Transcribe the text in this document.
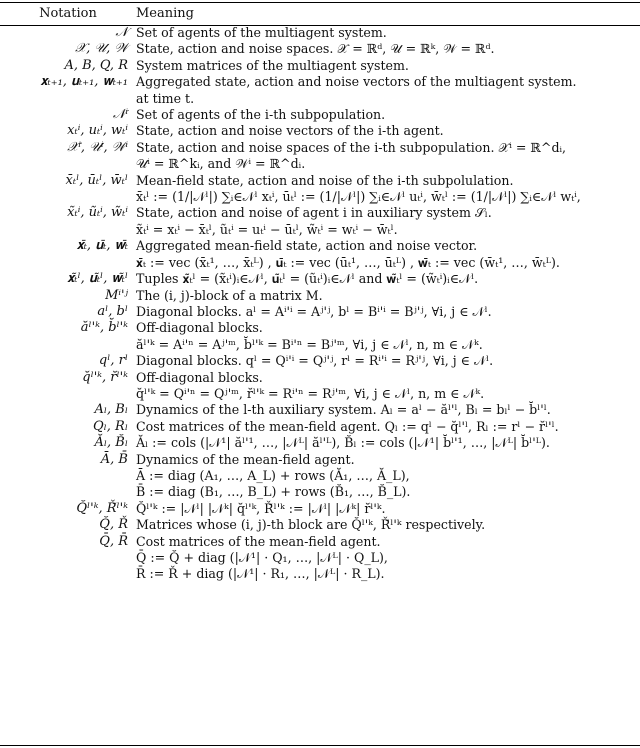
Notation	Meaning
𝒩	Set of agents of the multiagent system.

𝒳, 𝒰, 𝒲	State, action and noise spaces. 𝒳 = ℝᵈ, 𝒰 = ℝᵏ, 𝒲 = ℝᵈ.

A, B, Q, R	System matrices of the multiagent system.

𝐱ₜ₊₁, 𝐮ₜ₊₁, 𝐰ₜ₊₁	Aggregated state, action and noise vectors of the multiagent system.
at time t.

𝒩ⁱ	Set of agents of the i-th subpopulation.

xₜⁱ, uₜⁱ, wₜⁱ	State, action and noise vectors of the i-th agent.

𝒳ⁱ, 𝒰ⁱ, 𝒲ⁱ	State, action and noise spaces of the i-th subpopulation. 𝒳ⁱ = ℝ^dᵢ,
𝒰ⁱ = ℝ^kᵢ, and 𝒲ⁱ = ℝ^dᵢ.

x̄ₜˡ, ūₜˡ, w̄ₜˡ	Mean-field state, action and noise of the i-th subpolulation.
x̄ₜˡ := (1/|𝒩ˡ|) ∑ᵢ∈𝒩ˡ xₜⁱ, ūₜˡ := (1/|𝒩ˡ|) ∑ᵢ∈𝒩ˡ uₜⁱ, w̄ₜˡ := (1/|𝒩ˡ|) ∑ᵢ∈𝒩ˡ wₜⁱ,

x̃ₜⁱ, ũₜⁱ, w̃ₜⁱ	State, action and noise of agent i in auxiliary system 𝒮ₗ.
x̃ₜⁱ = xₜⁱ − x̄ₜˡ, ũₜⁱ = uₜⁱ − ūₜˡ, w̃ₜⁱ = wₜⁱ − w̄ₜˡ.

𝐱̄ₜ, 𝐮̄ₜ, 𝐰̄ₜ	Aggregated mean-field state, action and noise vector.
𝐱̄ₜ := vec (x̄ₜ¹, …, x̄ₜᴸ) , 𝐮̄ₜ := vec (ūₜ¹, …, ūₜᴸ) , 𝐰̄ₜ := vec (w̄ₜ¹, …, w̄ₜᴸ).

𝐱̃ₜˡ, 𝐮̃ₜˡ, 𝐰̃ₜˡ	Tuples 𝐱̃ₜˡ = (x̃ₜⁱ)ᵢ∈𝒩ˡ, 𝐮̃ₜˡ = (ũₜⁱ)ᵢ∈𝒩ˡ and 𝐰̃ₜˡ = (w̃ₜⁱ)ᵢ∈𝒩ˡ.

Mⁱ'ʲ	The (i, j)-block of a matrix M.

aˡ, bˡ	Diagonal blocks. aˡ = Aⁱ'ⁱ = Aʲ'ʲ, bˡ = Bⁱ'ⁱ = Bʲ'ʲ, ∀i, j ∈ 𝒩ˡ.

ăˡ'ᵏ, b̆ˡ'ᵏ	Off-diagonal blocks.
ăˡ'ᵏ = Aⁱ'ⁿ = Aʲ'ᵐ, b̆ˡ'ᵏ = Bⁱ'ⁿ = Bʲ'ᵐ, ∀i, j ∈ 𝒩ˡ, n, m ∈ 𝒩ᵏ.

qˡ, rˡ	Diagonal blocks. qˡ = Qⁱ'ⁱ = Qʲ'ʲ, rˡ = Rⁱ'ⁱ = Rʲ'ʲ, ∀i, j ∈ 𝒩ˡ.

q̆ˡ'ᵏ, r̆ˡ'ᵏ	Off-diagonal blocks.
q̆ˡ'ᵏ = Qⁱ'ⁿ = Qʲ'ᵐ, r̆ˡ'ᵏ = Rⁱ'ⁿ = Rʲ'ᵐ, ∀i, j ∈ 𝒩ˡ, n, m ∈ 𝒩ᵏ.

Aₗ, Bₗ	Dynamics of the l-th auxiliary system. Aₗ = aˡ − ăˡ'ˡ, Bₗ = bₗˡ − b̆ˡ'ˡ.

Qₗ, Rₗ	Cost matrices of the mean-field agent. Qₗ := qˡ − q̆ˡ'ˡ, Rₗ := rˡ − r̆ˡ'ˡ.

Ăₗ, B̆ₗ	Ăₗ := cols (|𝒩¹| ăˡ'¹, …, |𝒩ᴸ| ăˡ'ᴸ), B̆ₗ := cols (|𝒩¹| b̆ˡ'¹, …, |𝒩ᴸ| b̆ˡ'ᴸ).

Ā, B̄	Dynamics of the mean-field agent.
Ā := diag (A₁, …, A_L) + rows (Ă₁, …, Ă_L),
B̄ := diag (B₁, …, B_L) + rows (B̆₁, …, B̆_L).

Q̆ˡ'ᵏ, Ř̆ˡ'ᵏ	Q̆ˡ'ᵏ := |𝒩ˡ| |𝒩ᵏ| q̆ˡ'ᵏ, Ř̆ˡ'ᵏ := |𝒩ˡ| |𝒩ᵏ| r̆ˡ'ᵏ.

Q̆, Ř	Matrices whose (i, j)-th block are Q̆ˡ'ᵏ, Ř̆ˡ'ᵏ respectively.

Q̄, R̄	Cost matrices of the mean-field agent.
Q̄ := Q̆ + diag (|𝒩¹| · Q₁, …, |𝒩ᴸ| · Q_L),
R̄ := Ř + diag (|𝒩¹| · R₁, …, |𝒩ᴸ| · R_L).
